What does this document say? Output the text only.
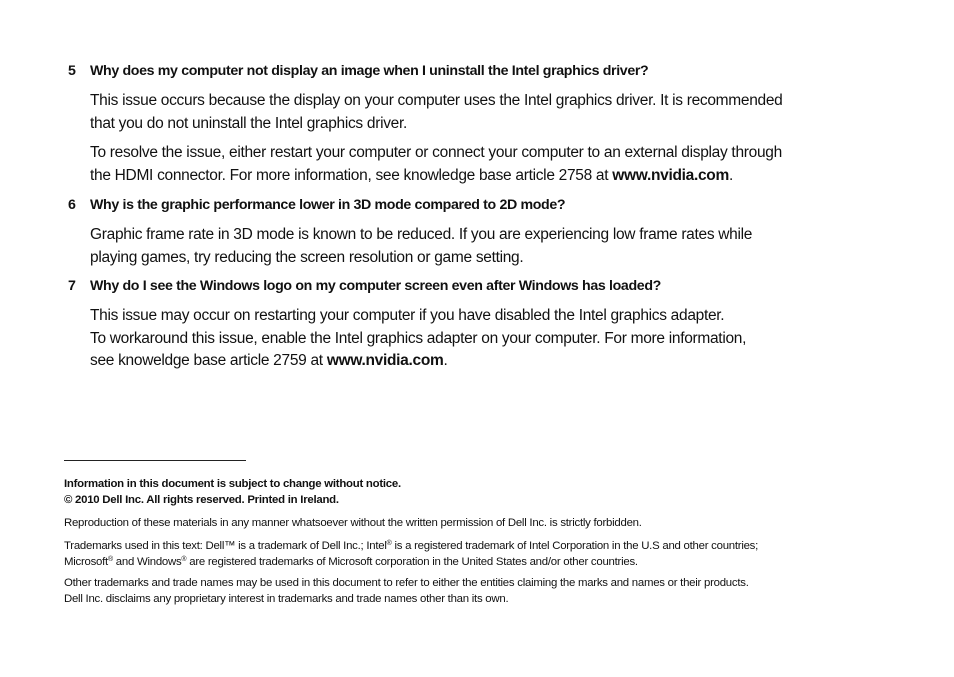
5 Why does my computer not display an image when I uninstall the Intel graphics driver?
This issue occurs because the display on your computer uses the Intel graphics driver. It is recommended
that you do not uninstall the Intel graphics driver.
To resolve the issue, either restart your computer or connect your computer to an external display through
the HDMI connector. For more information, see knowledge base article 2758 at www.nvidia.com.
6 Why is the graphic performance lower in 3D mode compared to 2D mode?
Graphic frame rate in 3D mode is known to be reduced. If you are experiencing low frame rates while
playing games, try reducing the screen resolution or game setting.
7 Why do I see the Windows logo on my computer screen even after Windows has loaded?
This issue may occur on restarting your computer if you have disabled the Intel graphics adapter.
To workaround this issue, enable the Intel graphics adapter on your computer. For more information,
see knoweldge base article 2759 at www.nvidia.com.
Information in this document is subject to change without notice.
© 2010 Dell Inc. All rights reserved. Printed in Ireland.
Reproduction of these materials in any manner whatsoever without the written permission of Dell Inc. is strictly forbidden.
Trademarks used in this text: Dell™ is a trademark of Dell Inc.; Intel® is a registered trademark of Intel Corporation in the U.S and other countries;
Microsoft® and Windows® are registered trademarks of Microsoft corporation in the United States and/or other countries.
Other trademarks and trade names may be used in this document to refer to either the entities claiming the marks and names or their products.
Dell Inc. disclaims any proprietary interest in trademarks and trade names other than its own.
